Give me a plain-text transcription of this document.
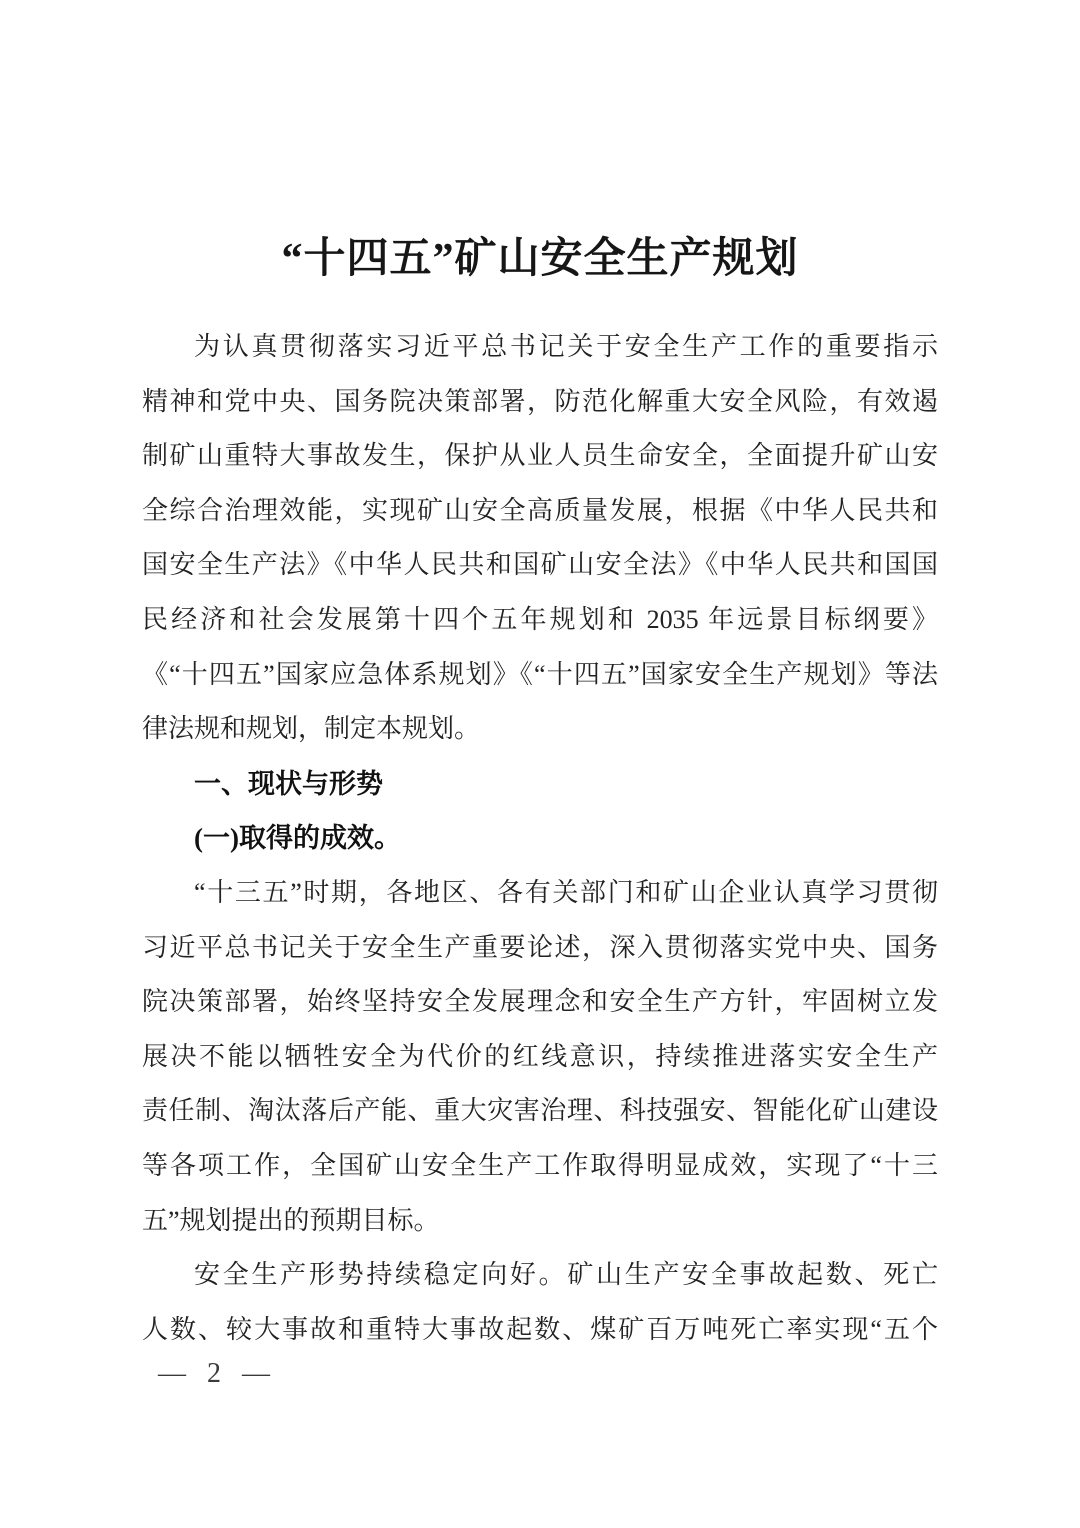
“十四五”矿山安全生产规划
为认真贯彻落实习近平总书记关于安全生产工作的重要指示
精神和党中央、国务院决策部署，防范化解重大安全风险，有效遏
制矿山重特大事故发生，保护从业人员生命安全，全面提升矿山安
全综合治理效能，实现矿山安全高质量发展，根据《中华人民共和
国安全生产法》《中华人民共和国矿山安全法》《中华人民共和国国
民经济和社会发展第十四个五年规划和 2035 年远景目标纲要》
《“十四五”国家应急体系规划》《“十四五”国家安全生产规划》等法
律法规和规划，制定本规划。
一、现状与形势
(一)取得的成效。
“十三五”时期，各地区、各有关部门和矿山企业认真学习贯彻
习近平总书记关于安全生产重要论述，深入贯彻落实党中央、国务
院决策部署，始终坚持安全发展理念和安全生产方针，牢固树立发
展决不能以牺牲安全为代价的红线意识，持续推进落实安全生产
责任制、淘汰落后产能、重大灾害治理、科技强安、智能化矿山建设
等各项工作，全国矿山安全生产工作取得明显成效，实现了“十三
五”规划提出的预期目标。
安全生产形势持续稳定向好。矿山生产安全事故起数、死亡
人数、较大事故和重特大事故起数、煤矿百万吨死亡率实现“五个
— 2 —
